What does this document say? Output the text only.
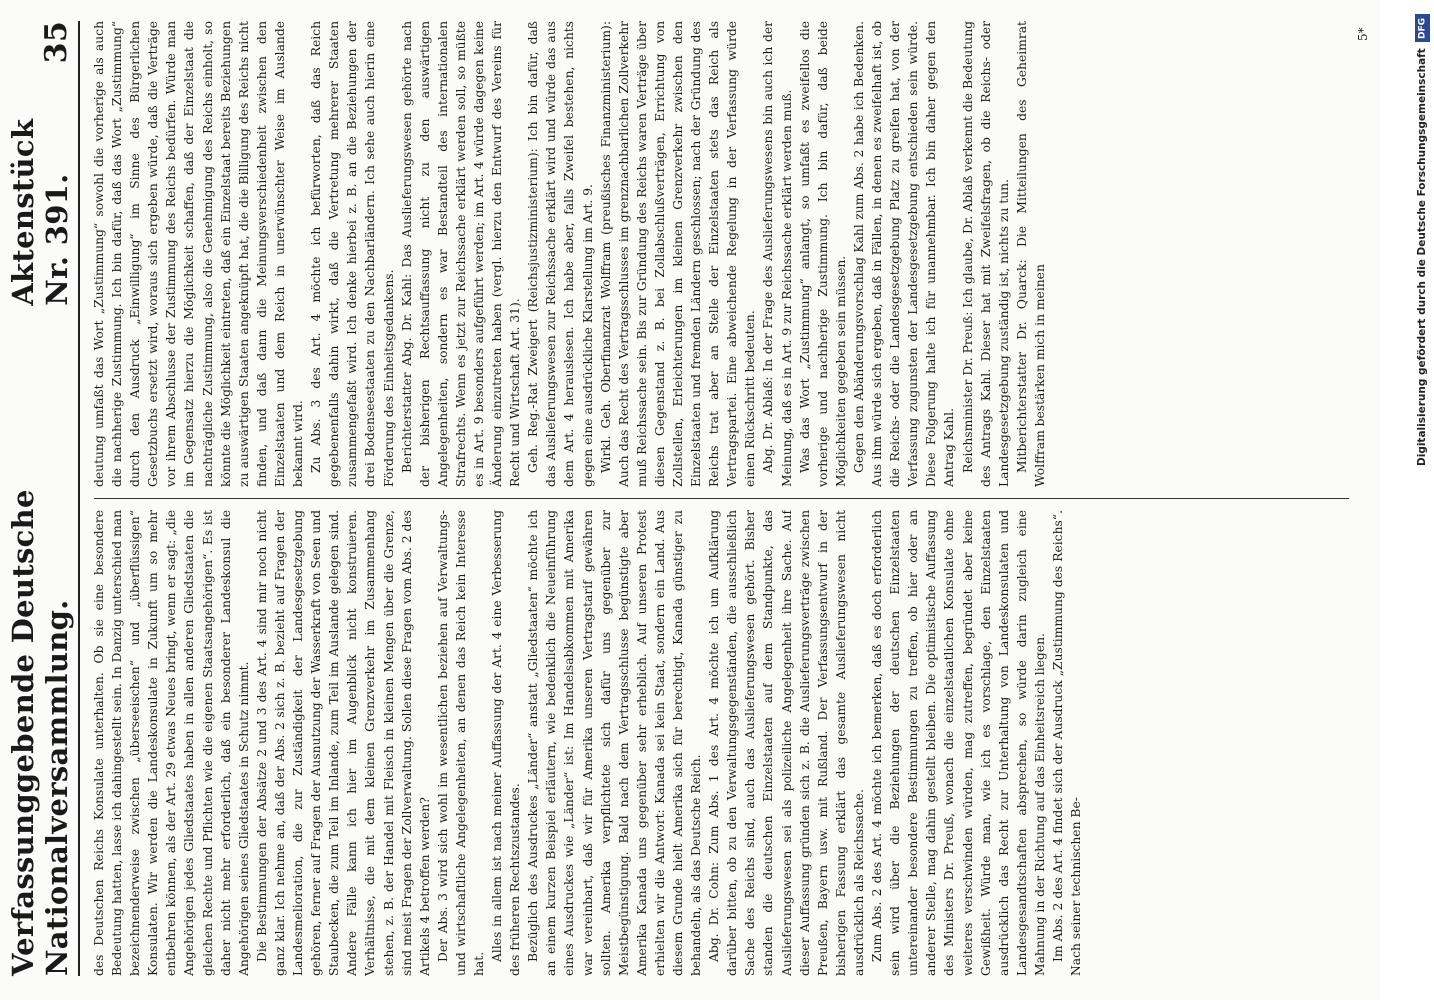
DFG
Digitalisierung gefördert durch die Deutsche Forschungsgemeinschaft
Verfassunggebende Deutsche Nationalversammlung.
Aktenstück Nr. 391.
35

des Deutschen Reichs Konsulate unterhalten. Ob sie eine besondere Bedeutung hatten, lasse ich dahingestellt sein. In Danzig unterschied man bezeichnenderweise zwischen „überseeischen“ und „überflüssigen“ Konsulaten. Wir werden die Landeskonsulate in Zukunft um so mehr entbehren können, als der Art. 29 etwas Neues bringt, wenn er sagt: „die Angehörigen jedes Gliedstaates haben in allen anderen Gliedstaaten die gleichen Rechte und Pflichten wie die eigenen Staatsangehörigen“. Es ist daher nicht mehr erforderlich, daß ein besonderer Landeskonsul die Angehörigen seines Gliedstaates in Schutz nimmt. Die Bestimmungen der Absätze 2 und 3 des Art. 4 sind mir noch nicht ganz klar. Ich nehme an, daß der Abs. 2 sich z. B. bezieht auf Fragen der Landesmelioration, die zur Zuständigkeit der Landesgesetzgebung gehören, ferner auf Fragen der Ausnutzung der Wasserkraft von Seen und Staubecken, die zum Teil im Inlande, zum Teil im Auslande gelegen sind. Andere Fälle kann ich hier im Augenblick nicht konstruieren. Verhältnisse, die mit dem kleinen Grenzverkehr im Zusammenhang stehen, z. B. der Handel mit Fleisch in kleinen Mengen über die Grenze, sind meist Fragen der Zollverwaltung. Sollen diese Fragen vom Abs. 2 des Artikels 4 betroffen werden? Der Abs. 3 wird sich wohl im wesentlichen beziehen auf Verwaltungs- und wirtschaftliche Angelegenheiten, an denen das Reich kein Interesse hat.

Alles in allem ist nach meiner Auffassung der Art. 4 eine Verbesserung des früheren Rechtszustandes. Bezüglich des Ausdruckes „Länder“ anstatt „Gliedstaaten“ möchte ich an einem kurzen Beispiel erläutern, wie bedenklich die Neueinführung eines Ausdruckes wie „Länder“ ist: Im Handelsabkommen mit Amerika war vereinbart, daß wir für Amerika unseren Vertragstarif gewähren sollten. Amerika verpflichtete sich dafür uns gegenüber zur Meistbegünstigung. Bald nach dem Vertragsschlusse begünstigte aber Amerika Kanada uns gegenüber sehr erheblich. Auf unseren Protest erhielten wir die Antwort: Kanada sei kein Staat, sondern ein Land. Aus diesem Grunde hielt Amerika sich für berechtigt, Kanada günstiger zu behandeln, als das Deutsche Reich. Abg. Dr. Cohn: Zum Abs. 1 des Art. 4 möchte ich um Aufklärung darüber bitten, ob zu den Verwaltungsgegenständen, die ausschließlich Sache des Reichs sind, auch das Auslieferungswesen gehört. Bisher standen die deutschen Einzelstaaten auf dem Standpunkte, das Auslieferungswesen sei als polizeiliche Angelegenheit ihre Sache. Auf dieser Auffassung gründen sich z. B. die Auslieferungsverträge zwischen Preußen, Bayern usw. mit Rußland. Der Verfassungsentwurf in der bisherigen Fassung erklärt das gesamte Auslieferungswesen nicht ausdrücklich als Reichssache. Zum Abs. 2 des Art. 4 möchte ich bemerken, daß es doch erforderlich sein wird über die Beziehungen der deutschen Einzelstaaten untereinander besondere Bestimmungen zu treffen, ob hier oder an anderer Stelle, mag dahin gestellt bleiben. Die optimistische Auffassung des Ministers Dr. Preuß, wonach die einzelstaatlichen Konsulate ohne weiteres verschwinden würden, mag zutreffen, begründet aber keine Gewißheit. Würde man, wie ich es vorschlage, den Einzelstaaten ausdrücklich das Recht zur Unterhaltung von Landeskonsulaten und Landesgesandtschaften absprechen, so würde darin zugleich eine Mahnung in der Richtung auf das Einheitsreich liegen. Im Abs. 2 des Art. 4 findet sich der Ausdruck „Zustimmung des Reichs“. Nach seiner technischen Be-

deutung umfaßt das Wort „Zustimmung“ sowohl die vorherige als auch die nachherige Zustimmung. Ich bin dafür, daß das Wort „Zustimmung“ durch den Ausdruck „Einwilligung“ im Sinne des Bürgerlichen Gesetzbuchs ersetzt wird, woraus sich ergeben würde, daß die Verträge vor ihrem Abschlusse der Zustimmung des Reichs bedürfen. Würde man im Gegensatz hierzu die Möglichkeit schaffen, daß der Einzelstaat die nachträgliche Zustimmung, also die Genehmigung des Reichs einholt, so könnte die Möglichkeit eintreten, daß ein Einzelstaat bereits Beziehungen zu auswärtigen Staaten angeknüpft hat, die die Billigung des Reichs nicht finden, und daß dann die Meinungsverschiedenheit zwischen den Einzelstaaten und dem Reich in unerwünschter Weise im Auslande bekannt wird. Zu Abs. 3 des Art. 4 möchte ich befürworten, daß das Reich gegebenenfalls dahin wirkt, daß die Vertretung mehrerer Staaten zusammengefaßt wird. Ich denke hierbei z. B. an die Beziehungen der drei Bodenseestaaten zu den Nachbarländern. Ich sehe auch hierin eine Förderung des Einheitsgedankens. Berichterstatter Abg. Dr. Kahl: Das Auslieferungswesen gehörte nach der bisherigen Rechtsauffassung nicht zu den auswärtigen Angelegenheiten, sondern es war Bestandteil des internationalen Strafrechts. Wenn es jetzt zur Reichssache erklärt werden soll, so müßte es in Art. 9 besonders aufgeführt werden; im Art. 4 würde dagegen keine Änderung einzutreten haben (vergl. hierzu den Entwurf des Vereins für Recht und Wirtschaft Art. 31). Geh. Reg.-Rat Zweigert (Reichsjustizministerium): Ich bin dafür, daß das Auslieferungswesen zur Reichssache erklärt wird und würde das aus dem Art. 4 herauslesen. Ich habe aber, falls Zweifel bestehen, nichts gegen eine ausdrückliche Klarstellung im Art. 9. Wirkl. Geh. Oberfinanzrat Wolffram (preußisches Finanzministerium): Auch das Recht des Vertragsschlusses im grenznachbarlichen Zollverkehr muß Reichssache sein. Bis zur Gründung des Reichs waren Verträge über diesen Gegenstand z. B. bei Zollabschlußverträgen, Errichtung von Zollstellen, Erleichterungen im kleinen Grenzverkehr zwischen den Einzelstaaten und fremden Ländern geschlossen; nach der Gründung des Reichs trat aber an Stelle der Einzelstaaten stets das Reich als Vertragspartei. Eine abweichende Regelung in der Verfassung würde einen Rückschritt bedeuten. Abg. Dr. Ablaß: In der Frage des Auslieferungswesens bin auch ich der Meinung, daß es in Art. 9 zur Reichssache erklärt werden muß. Was das Wort „Zustimmung“ anlangt, so umfaßt es zweifellos die vorherige und nachherige Zustimmung. Ich bin dafür, daß beide Möglichkeiten gegeben sein müssen. Gegen den Abänderungsvorschlag Kahl zum Abs. 2 habe ich Bedenken. Aus ihm würde sich ergeben, daß in Fällen, in denen es zweifelhaft ist, ob die Reichs- oder die Landesgesetzgebung Platz zu greifen hat, von der Verfassung zugunsten der Landesgesetzgebung entschieden sein würde. Diese Folgerung halte ich für unannehmbar. Ich bin daher gegen den Antrag Kahl. Reichsminister Dr. Preuß: Ich glaube, Dr. Ablaß verkennt die Bedeutung des Antrags Kahl. Dieser hat mit Zweifelsfragen, ob die Reichs- oder Landesgesetzgebung zuständig ist, nichts zu tun. Mitberichterstatter Dr. Quarck: Die Mitteilungen des Geheimrat Wolffram bestärken mich in meinen

5*
